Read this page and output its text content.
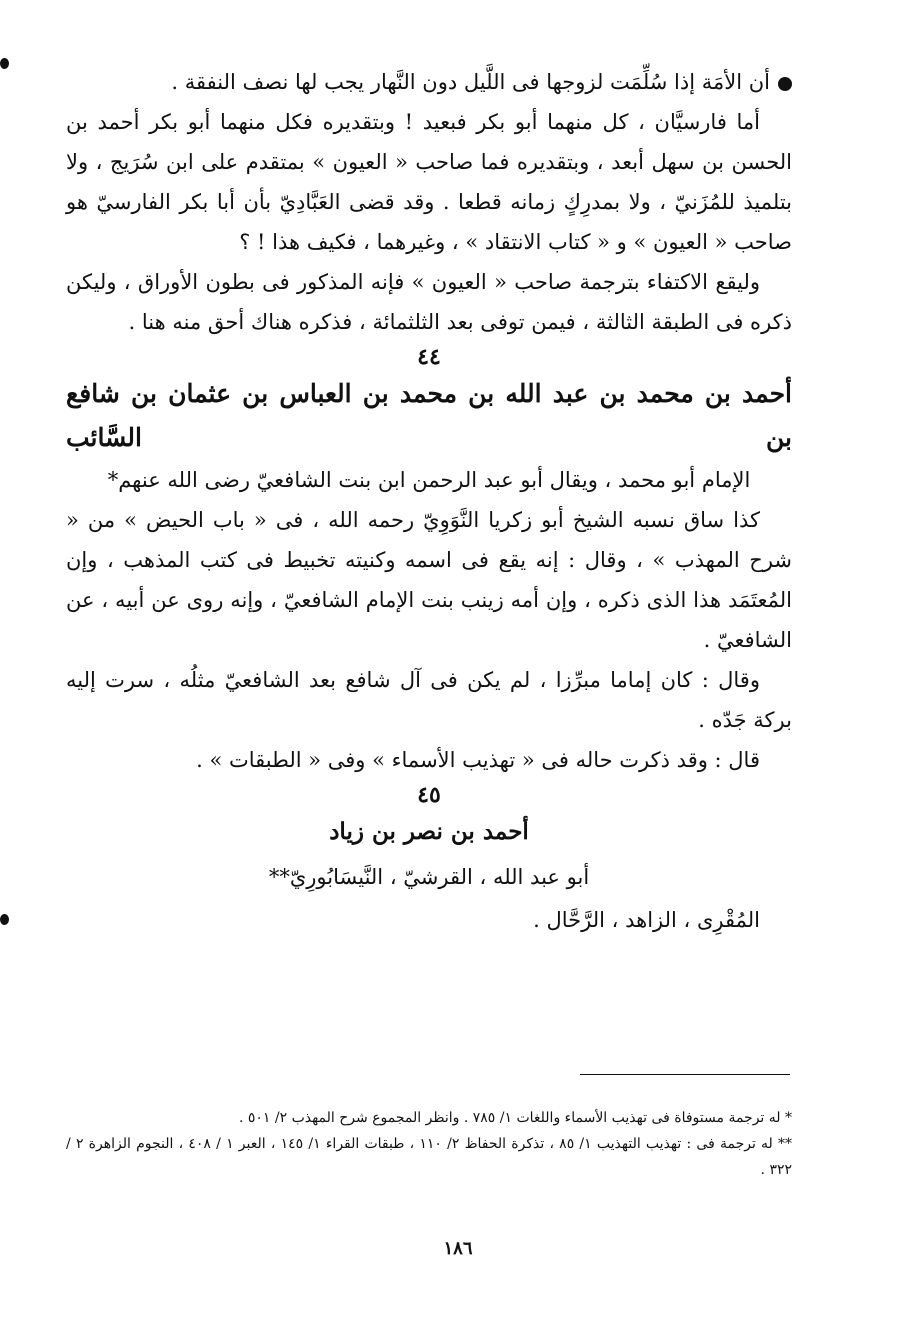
أن الأمَة إذا سُلِّمَت لزوجها فى اللَّيل دون النَّهار يجب لها نصف النفقة .

أما فارسيَّان ، كل منهما أبو بكر فبعيد ! وبتقديره فكل منهما أبو بكر أحمد بن الحسن بن سهل أبعد ، وبتقديره فما صاحب « العيون » بمتقدم على ابن سُرَيج ، ولا بتلميذ للمُزَنيّ ، ولا بمدرِكٍ زمانه قطعا . وقد قضى العَبَّادِيّ بأن أبا بكر الفارسيّ هو صاحب « العيون » و « كتاب الانتقاد » ، وغيرهما ، فكيف هذا ! ؟

وليقع الاكتفاء بترجمة صاحب « العيون » فإنه المذكور فى بطون الأوراق ، وليكن ذكره فى الطبقة الثالثة ، فيمن توفى بعد الثلثمائة ، فذكره هناك أحق منه هنا .

٤٤

أحمد بن محمد بن عبد الله بن محمد بن العباس بن عثمان بن شافع بن السَّائب

الإمام أبو محمد ، ويقال أبو عبد الرحمن ابن بنت الشافعيّ رضى الله عنهم*

كذا ساق نسبه الشيخ أبو زكريا النَّوَوِيّ رحمه الله ، فى « باب الحيض » من « شرح المهذب » ، وقال : إنه يقع فى اسمه وكنيته تخبيط فى كتب المذهب ، وإن المُعتَمَد هذا الذى ذكره ، وإن أمه زينب بنت الإمام الشافعيّ ، وإنه روى عن أبيه ، عن الشافعيّ .

وقال : كان إماما مبرِّزا ، لم يكن فى آل شافع بعد الشافعيّ مثلُه ، سرت إليه بركة جَدّه .

قال : وقد ذكرت حاله فى « تهذيب الأسماء » وفى « الطبقات » .

٤٥

أحمد بن نصر بن زياد

أبو عبد الله ، القرشيّ ، النَّيسَابُورِيّ**

المُقْرِى ، الزاهد ، الرَّحَّال .

* له ترجمة مستوفاة فى تهذيب الأسماء واللغات ١/ ٧٨٥ . وانظر المجموع شرح المهذب ٢/ ٥٠١ .

** له ترجمة فى : تهذيب التهذيب ١/ ٨٥ ، تذكرة الحفاظ ٢/ ١١٠ ، طبقات القراء ١/ ١٤٥ ، العبر ١ / ٤٠٨ ، النجوم الزاهرة ٢ / ٣٢٢ .

١٨٦
